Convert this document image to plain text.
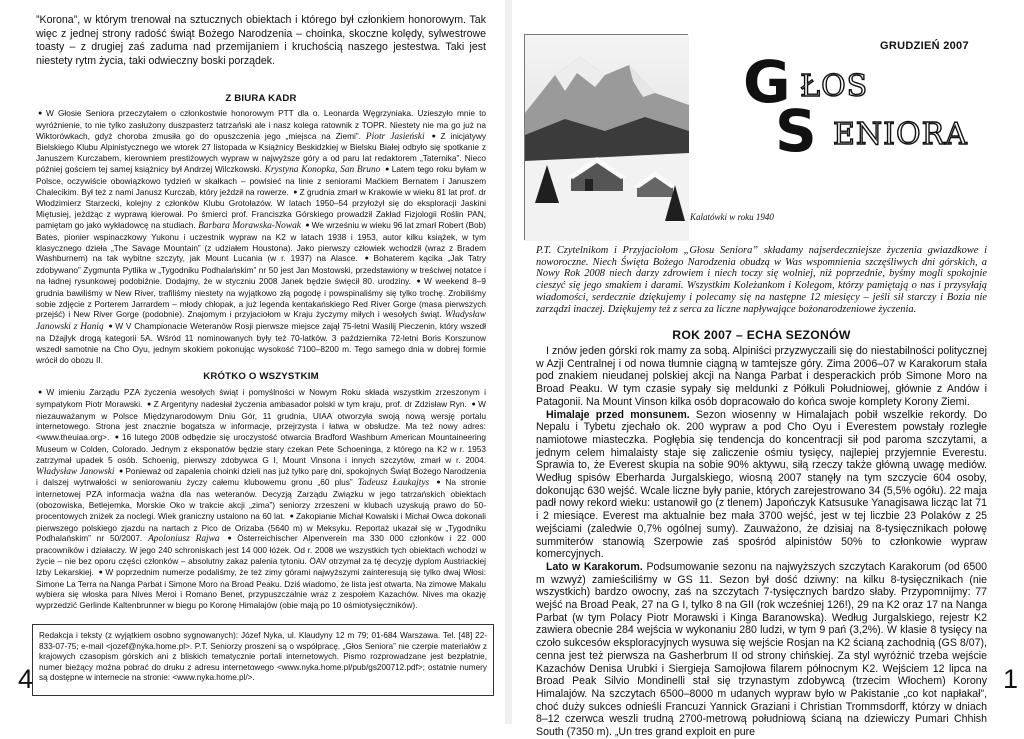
”Korona”, w którym trenował na sztucznych obiektach i którego był członkiem honorowym. Tak więc z jednej strony radość świąt Bożego Narodzenia – choinka, skoczne kolędy, sylwestrowe toasty – z drugiej zaś zaduma nad przemijaniem i kruchością naszego jestestwa. Taki jest niestety rytm życia, taki odwieczny boski porządek.

Z BIURA KADR
● W Głosie Seniora przeczytałem o członkostwie honorowym PTT dla o. Leonarda Węgrzyniaka. Uzieszyło mnie to wyróżnienie, to nie tylko zasłużony duszpasterz tatrzański ale i nasz kolega ratownik z TOPR. Niestety nie ma go już na Wiktorówkach, gdyż choroba zmusiła go do opuszczenia jego „miejsca na Ziemi”. Piotr Jasieński ● Z inicjatywy Bielskiego Klubu Alpinistycznego we wtorek 27 listopada w Książnicy Beskidzkiej w Bielsku Białej odbyło się spotkanie z Januszem Kurczabem, kierowniem prestiżowych wypraw w najwyższe góry a od paru lat redaktorem „Taternika”. Nieco później gościem tej samej książnicy był Andrzej Wilczkowski. Krystyna Konopka, San Bruno ● Latem tego roku byłam w Polsce, oczywiście obowiązkowo tydzień w skałkach – powisieć na linie z seniorami Maćkiem Bernatem i Januszem Chalecikim. Był też z nami Janusz Kurczab, który jeździł na rowerze. ● Z grudnia zmarł w Krakowie w wieku 81 lat prof. dr Włodzimierz Starzecki, kolejny z członków Klubu Grotołazów. W latach 1950–54 przyłożył się do eksploracji Jaskini Miętusiej, jeżdżąc z wyprawą kierował. Po śmierci prof. Franciszka Górskiego prowadził Zakład Fizjologii Roślin PAN, pamiętam go jako wykładowcę na studiach. Barbara Morawska-Nowak ● We wrześniu w wieku 96 lat zmarł Robert (Bob) Bates, pionier wspinaczkowy Yukonu i uczestnik wypraw na K2 w latach 1938 i 1953, autor kilku książek, w tym klasycznego dzieła „The Savage Mountain” (z udziałem Houstona). Jako pierwszy człowiek wchodził (wraz z Bradem Washburnem) na tak wybitne szczyty, jak Mount Lucania (w r. 1937) na Alasce. ● Bohaterem kącika „Jak Tatry zdobywano” Zygmunta Pytlika w „Tygodniku Podhalańskim” nr 50 jest Jan Mostowski, przedstawiony w treściwej notatce i na ładnej rysunkowej podobiźnie. Dodajmy, że w styczniu 2008 Janek będzie święcił 80. urodziny. ● W weekend 8–9 grudnia bawiliśmy w New River, trafiliśmy niestety na wyjątkowo złą pogodę i powspinaliśmy się tylko trochę. Zrobiliśmy sobie zdjęcie z Porterem Jarrardem – młody chłopak, a już legenda kentakańskiego Red River Gorge (masa pierwszych przejść) i New River Gorge (podobnie). Znajomym i przyjaciołom w Kraju życzymy miłych i wesołych świąt. Władysław Janowski z Hanią ● W V Championacie Weteranów Rosji pierwsze miejsce zajął 75-letni Wasilij Pieczenin, który wszedł na Dżajlyk drogą kategorii 5A. Wśród 11 nominowanych były też 70-latków. 3 października 72-letni Boris Korszunow wszedł samotnie na Cho Oyu, jednym skokiem pokonując wysokość 7100–8200 m. Tego samego dnia w dobrej formie wrócił do obozu II.
KRÓTKO O WSZYSTKIM
● W imieniu Zarządu PZA życzenia wesołych świąt i pomyślności w Nowym Roku składa wszystkim zrzeszonym i sympatykom Piotr Morawski. ● Z Argentyny nadesłał życzenia ambasador polski w tym kraju, prof. dr Zdzisław Ryn. ● W niezauważanym w Polsce Międzynarodowym Dniu Gór, 11 grudnia, UIAA otworzyła swoją nową wersję portalu internetowego. Strona jest znacznie bogatsza w informacje, przejrzysta i łatwa w obsłudze. Ma też nowy adres: <www.theuiaa.org>. ● 16 lutego 2008 odbędzie się uroczystość otwarcia Bradford Washburn American Mountaineering Museum w Colden, Colorado. Jednym z eksponatów będzie stary czekan Pete Schoeninga, z którego na K2 w r. 1953 zatrzymał upadek 5 osób. Schoenig, pierwszy zdobywca G I, Mount Vinsona i innych szczytów, zmarł w r. 2004. Władysław Janowski ● Ponieważ od zapalenia choinki dzieli nas już tylko parę dni, spokojnych Świąt Bożego Narodzenia i dalszej wytrwałości w seniorowaniu życzy całemu klubowemu gronu „60 plus” Tadeusz Łaukajtys ● Na stronie internetowej PZA informacja ważna dla nas weteranów. Decyzją Zarządu Związku w jego tatrzańskich obiektach (obozowiska, Betlejemka, Morskie Oko w trakcie akcji „zima”) seniorzy zrzeszeni w klubach uzyskują prawo do 50-procentowych zniżek za noclegi. Wiek graniczny ustalono na 60 lat. ● Zakopianie Michał Kowalski i Michał Owca dokonali pierwszego polskiego zjazdu na nartach z Pico de Orizaba (5640 m) w Meksyku. Reportaż ukazał się w „Tygodniku Podhalańskim” nr 50/2007. Apoloniusz Rajwa ● Österreichischer Alpenverein ma 330 000 członków i 22 000 pracowników i działaczy. W jego 240 schroniskach jest 14 000 łóżek. Od r. 2008 we wszystkich tych obiektach wchodzi w życie – nie bez oporu części członków – absolutny zakaz palenia tytoniu. ÖAV otrzymał za tę decyzję dyplom Austriackiej Izby Lekarskiej. ● W poprzednim numerze podaliśmy, że też zimy górami najwyższymi zainteresują się tylko dwaj Włosi: Simone La Terra na Nanga Parbat i Simone Moro na Broad Peaku. Dziś wiadomo, że lista jest otwarta. Na zimowe Makalu wybiera się włoska para Nives Meroi i Romano Benet, przypuszczalnie wraz z zespołem Kazachów. Nives ma okazję wyprzedzić Gerlinde Kaltenbrunner w biegu po Koronę Himalajów (obie mają po 10 ośmiotysięczników).
Redakcja i teksty (z wyjątkiem osobno sygnowanych): Józef Nyka, ul. Klaudyny 12 m 79; 01-684 Warszawa. Tel. [48] 22-833-07-75; e-mail <jozef@nyka.home.pl>. P.T. Seniorzy proszeni są o współpracę. „Głos Seniora” nie czerpie materiałów z krajowych czasopism górskich ani z bliskich tematycznie portali internetowych. Pismo rozprowadzane jest bezpłatnie, numer bieżący można pobrać do druku z adresu internetowego <www.nyka.home.pl/pub/gs200712.pdf>; ostatnie numery są dostępne w internecie na stronie: <www.nyka.home.pl/>.
4
Kalatówki w roku 1940
GRUDZIEŃ 2007
G ŁOS
S ENIORA

P.T. Czytelnikom i Przyjaciołom „Głosu Seniora” składamy najserdeczniejsze życzenia gwiazdkowe i noworoczne. Niech Święta Bożego Narodzenia obudzą w Was wspomnienia szczęśliwych dni górskich, a Nowy Rok 2008 niech darzy zdrowiem i niech toczy się wolniej, niż poprzednie, byśmy mogli spokojnie cieszyć się jego smakiem i darami. Wszystkim Koleżankom i Kolegom, którzy pamiętają o nas i przysyłają wiadomości, serdecznie dziękujemy i polecamy się na następne 12 miesięcy – jeśli sił starczy i Bozia nie zarządzi inaczej. Dziękujemy też z serca za liczne napływające bożonarodzeniowe życzenia.

ROK 2007 – ECHA SEZONÓW

I znów jeden górski rok mamy za sobą. Alpiniści przyzwyczaili się do niestabilności politycznej w Azji Centralnej i od nowa tłumnie ciągną w tamtejsze góry. Zima 2006–07 w Karakorum stała pod znakiem nieudanej polskiej akcji na Nanga Parbat i desperackich prób Simone Moro na Broad Peaku. W tym czasie sypały się meldunki z Półkuli Południowej, głównie z Andów i Patagonii. Na Mount Vinson kilka osób dopracowało do końca swoje komplety Korony Ziemi.

Himalaje przed monsunem. Sezon wiosenny w Himalajach pobił wszelkie rekordy. Do Nepalu i Tybetu zjechało ok. 200 wypraw a pod Cho Oyu i Everestem powstały rozległe namiotowe miasteczka. Pogłębia się tendencja do koncentracji sił pod paroma szczytami, a jednym celem himalaisty staje się zaliczenie ośmiu tysięcy, najlepiej przyjemnie Everestu. Sprawia to, że Everest skupia na sobie 90% aktywu, siłą rzeczy także główną uwagę mediów. Według spisów Eberharda Jurgalskiego, wiosną 2007 stanęły na tym szczycie 604 osoby, dokonując 630 wejść. Wcale liczne były panie, których zarejestrowano 34 (5,5% ogółu). 22 maja padł nowy rekord wieku: ustanowił go (z tlenem) Japończyk Katsusuke Yanagisawa licząc lat 71 i 2 miesiące. Everest ma aktualnie bez mała 3700 wejść, jest w tej liczbie 23 Polaków z 25 wejściami (zaledwie 0,7% ogólnej sumy). Zauważono, że dzisiaj na 8-tysięcznikach połowę summiterów stanowią Szerpowie zaś spośród alpinistów 50% to członkowie wypraw komercyjnych.

Lato w Karakorum. Podsumowanie sezonu na najwyższych szczytach Karakorum (od 6500 m wzwyż) zamieściliśmy w GS 11. Sezon był dość dziwny: na kilku 8-tysięcznikach (nie wszystkich) bardzo owocny, zaś na szczytach 7-tysięcznych bardzo słaby. Przypomnijmy: 77 wejść na Broad Peak, 27 na G I, tylko 8 na GII (rok wcześniej 126!), 29 na K2 oraz 17 na Nanga Parbat (w tym Polacy Piotr Morawski i Kinga Baranowska). Według Jurgalskiego, rejestr K2 zawiera obecnie 284 wejścia w wykonaniu 280 ludzi, w tym 9 pań (3,2%). W klasie 8 tysięcy na czoło sukcesów eksploracyjnych wysuwa się wejście Rosjan na K2 ścianą zachodnią (GS 8/07), cenna jest też pierwsza na Gasherbrum II od strony chińskiej. Za styl wyróżnić trzeba wejście Kazachów Denisa Urubki i Siergieja Samojłowa filarem północnym K2. Wejściem 12 lipca na Broad Peak Silvio Mondinelli stał się trzynastym zdobywcą (trzecim Włochem) Korony Himalajów. Na szczytach 6500–8000 m udanych wypraw było w Pakistanie „co kot napłakał”, choć duży sukces odnieśli Francuzi Yannick Graziani i Christian Trommsdorff, którzy w dniach 8–12 czerwca weszli trudną 2700-metrową południową ścianą na dziewiczy Pumari Chhish South (7350 m). „Un tres grand exploit en pure

1
